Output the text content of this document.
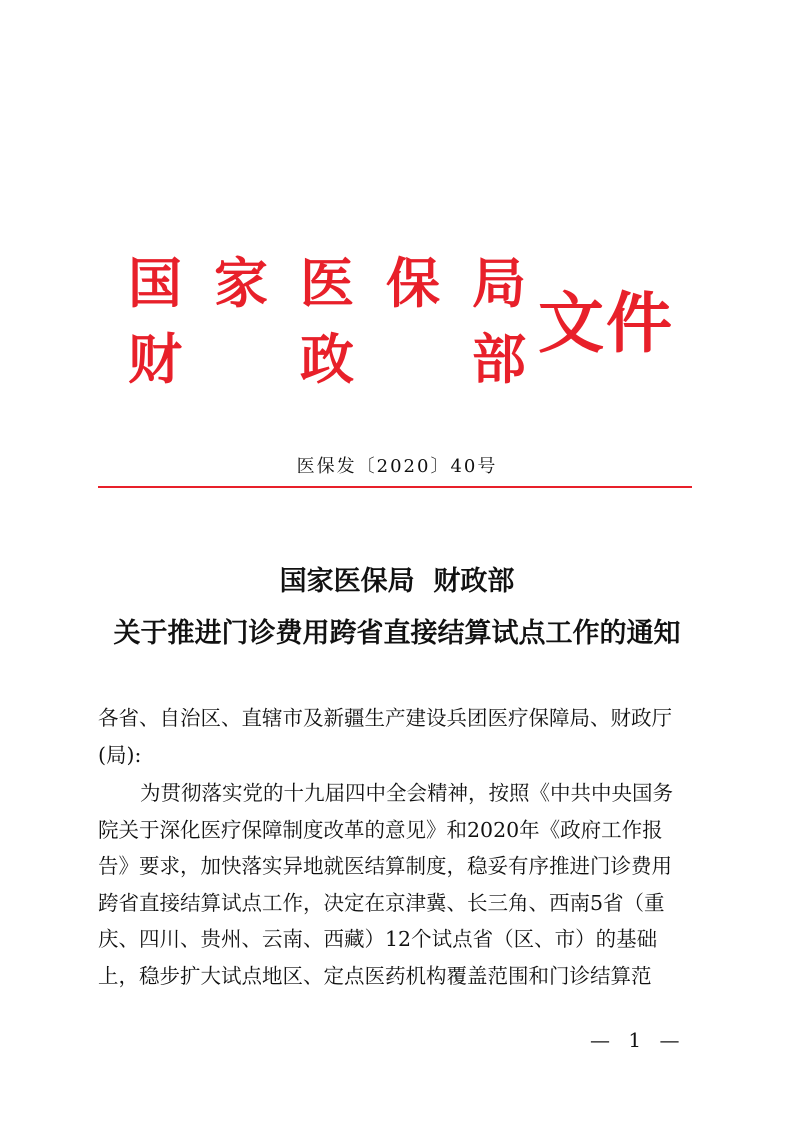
国 家 医 保 局
财 政 部 文件
医保发〔2020〕40号
国家医保局  财政部
关于推进门诊费用跨省直接结算试点工作的通知
各省、自治区、直辖市及新疆生产建设兵团医疗保障局、财政厅
(局):
为贯彻落实党的十九届四中全会精神，按照《中共中央国务
院关于深化医疗保障制度改革的意见》和2020年《政府工作报
告》要求，加快落实异地就医结算制度，稳妥有序推进门诊费用
跨省直接结算试点工作，决定在京津冀、长三角、西南5省（重
庆、四川、贵州、云南、西藏）12个试点省（区、市）的基础
上，稳步扩大试点地区、定点医药机构覆盖范围和门诊结算范
— 1 —
